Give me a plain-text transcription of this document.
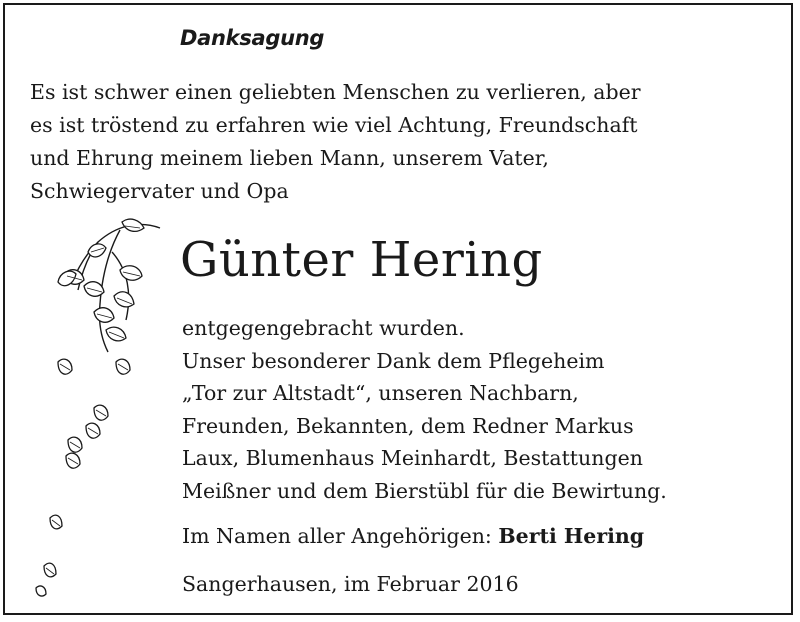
Danksagung

Es ist schwer einen geliebten Menschen zu verlieren, aber
es ist tröstend zu erfahren wie viel Achtung, Freundschaft
und Ehrung meinem lieben Mann, unserem Vater,
Schwiegervater und Opa

Günter Hering

entgegengebracht wurden.
Unser besonderer Dank dem Pflegeheim
„Tor zur Altstadt“, unseren Nachbarn,
Freunden, Bekannten, dem Redner Markus
Laux, Blumenhaus Meinhardt, Bestattungen
Meißner und dem Bierstübl für die Bewirtung.

Im Namen aller Angehörigen: Berti Hering
Sangerhausen, im Februar 2016
